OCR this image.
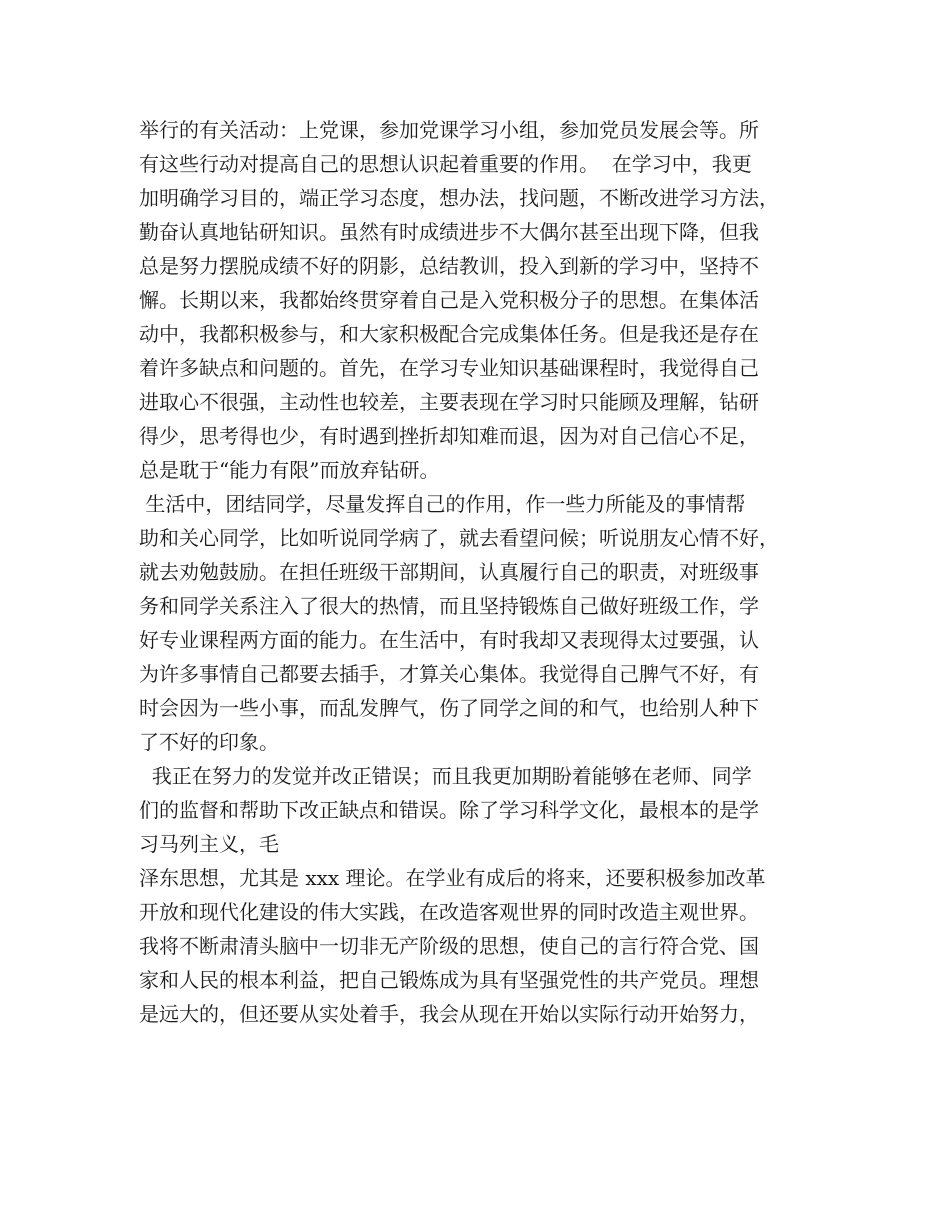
举行的有关活动：上党课，参加党课学习小组，参加党员发展会等。所
有这些行动对提高自己的思想认识起着重要的作用。  在学习中，我更
加明确学习目的，端正学习态度，想办法，找问题，不断改进学习方法，
勤奋认真地钻研知识。虽然有时成绩进步不大偶尔甚至出现下降，但我
总是努力摆脱成绩不好的阴影，总结教训，投入到新的学习中，坚持不
懈。长期以来，我都始终贯穿着自己是入党积极分子的思想。在集体活
动中，我都积极参与，和大家积极配合完成集体任务。但是我还是存在
着许多缺点和问题的。首先，在学习专业知识基础课程时，我觉得自己
进取心不很强，主动性也较差，主要表现在学习时只能顾及理解，钻研
得少，思考得也少，有时遇到挫折却知难而退，因为对自己信心不足，
总是耽于“能力有限”而放弃钻研。
生活中，团结同学，尽量发挥自己的作用，作一些力所能及的事情帮
助和关心同学，比如听说同学病了，就去看望问候；听说朋友心情不好，
就去劝勉鼓励。在担任班级干部期间，认真履行自己的职责，对班级事
务和同学关系注入了很大的热情，而且坚持锻炼自己做好班级工作，学
好专业课程两方面的能力。在生活中，有时我却又表现得太过要强，认
为许多事情自己都要去插手，才算关心集体。我觉得自己脾气不好，有
时会因为一些小事，而乱发脾气，伤了同学之间的和气，也给别人种下
了不好的印象。
我正在努力的发觉并改正错误；而且我更加期盼着能够在老师、同学
们的监督和帮助下改正缺点和错误。除了学习科学文化，最根本的是学
习马列主义，毛
泽东思想，尤其是 xxx 理论。在学业有成后的将来，还要积极参加改革
开放和现代化建设的伟大实践，在改造客观世界的同时改造主观世界。
我将不断肃清头脑中一切非无产阶级的思想，使自己的言行符合党、国
家和人民的根本利益，把自己锻炼成为具有坚强党性的共产党员。理想
是远大的，但还要从实处着手，我会从现在开始以实际行动开始努力，
